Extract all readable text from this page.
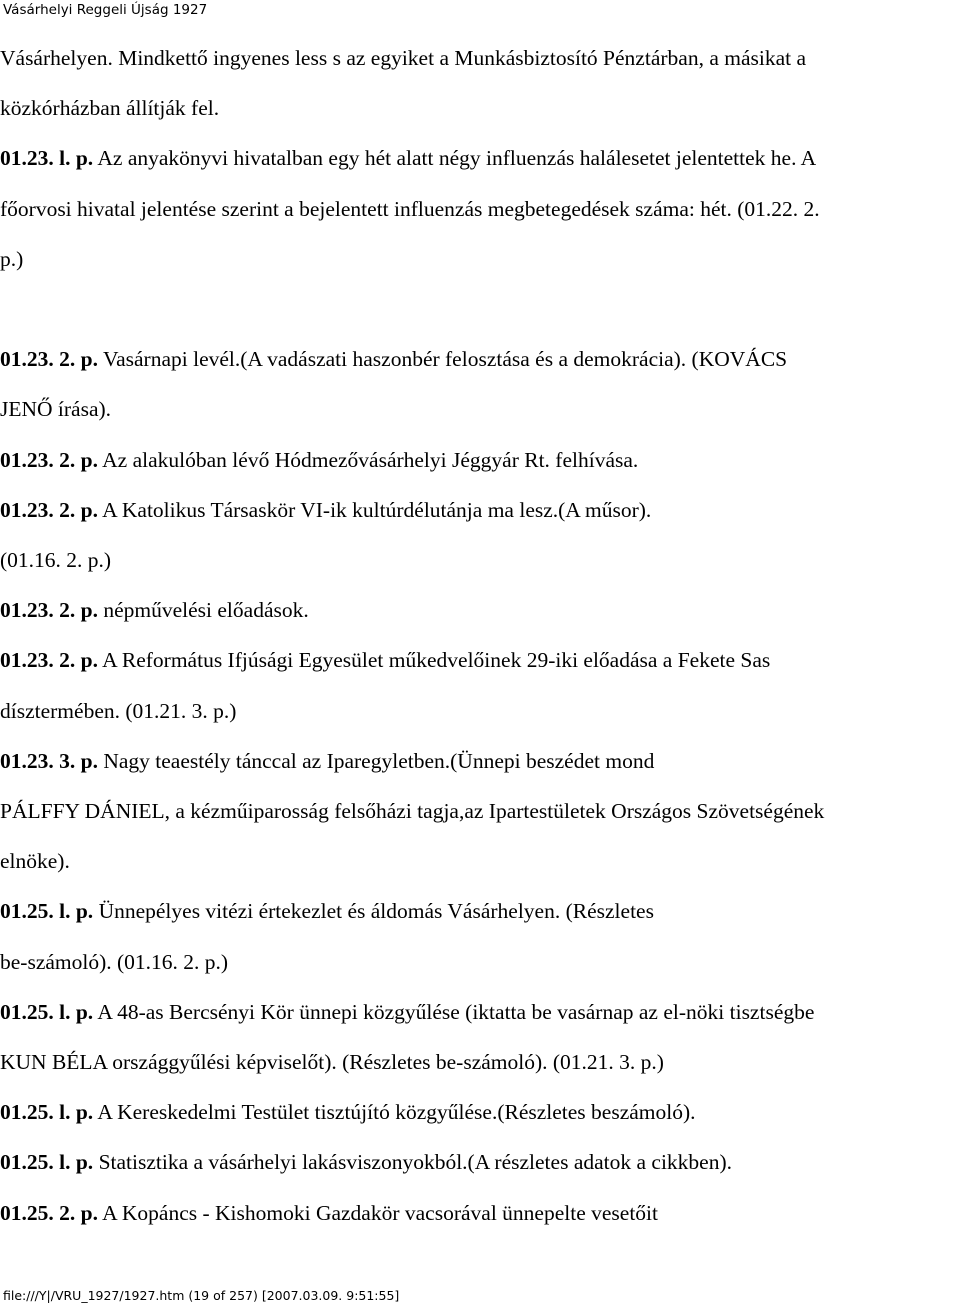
Vásárhelyi Reggeli Újság 1927
Vásárhelyen. Mindkettő ingyenes less s az egyiket a Munkásbiztosító Pénztárban, a másikat a
közkórházban állítják fel.
01.23. l. p. Az anyakönyvi hivatalban egy hét alatt négy influenzás halálesetet jelentettek he. A
főorvosi hivatal jelentése szerint a bejelentett influenzás megbetegedések száma: hét. (01.22. 2.
p.)

01.23. 2. p. Vasárnapi levél.(A vadászati haszonbér felosztása és a demokrácia). (KOVÁCS
JENŐ írása).
01.23. 2. p. Az alakulóban lévő Hódmezővásárhelyi Jéggyár Rt. felhívása.
01.23. 2. p. A Katolikus Társaskör VI-ik kultúrdélutánja ma lesz.(A műsor).
(01.16. 2. p.)
01.23. 2. p. népművelési előadások.
01.23. 2. p. A Református Ifjúsági Egyesület műkedvelőinek 29-iki előadása a Fekete Sas
dísztermében. (01.21. 3. p.)
01.23. 3. p. Nagy teaestély tánccal az Iparegyletben.(Ünnepi beszédet mond
PÁLFFY DÁNIEL, a kézműiparosság felsőházi tagja,az Ipartestületek Országos Szövetségének
elnöke).
01.25. l. p. Ünnepélyes vitézi értekezlet és áldomás Vásárhelyen. (Részletes
be-számoló). (01.16. 2. p.)
01.25. l. p. A 48-as Bercsényi Kör ünnepi közgyűlése (iktatta be vasárnap az el-nöki tisztségbe
KUN BÉLA országgyűlési képviselőt). (Részletes be-számoló). (01.21. 3. p.)
01.25. l. p. A Kereskedelmi Testület tisztújító közgyűlése.(Részletes beszámoló).
01.25. l. p. Statisztika a vásárhelyi lakásviszonyokból.(A részletes adatok a cikkben).
01.25. 2. p. A Kopáncs - Kishomoki Gazdakör vacsorával ünnepelte vesetőit
file:///Y|/VRU_1927/1927.htm (19 of 257) [2007.03.09. 9:51:55]
